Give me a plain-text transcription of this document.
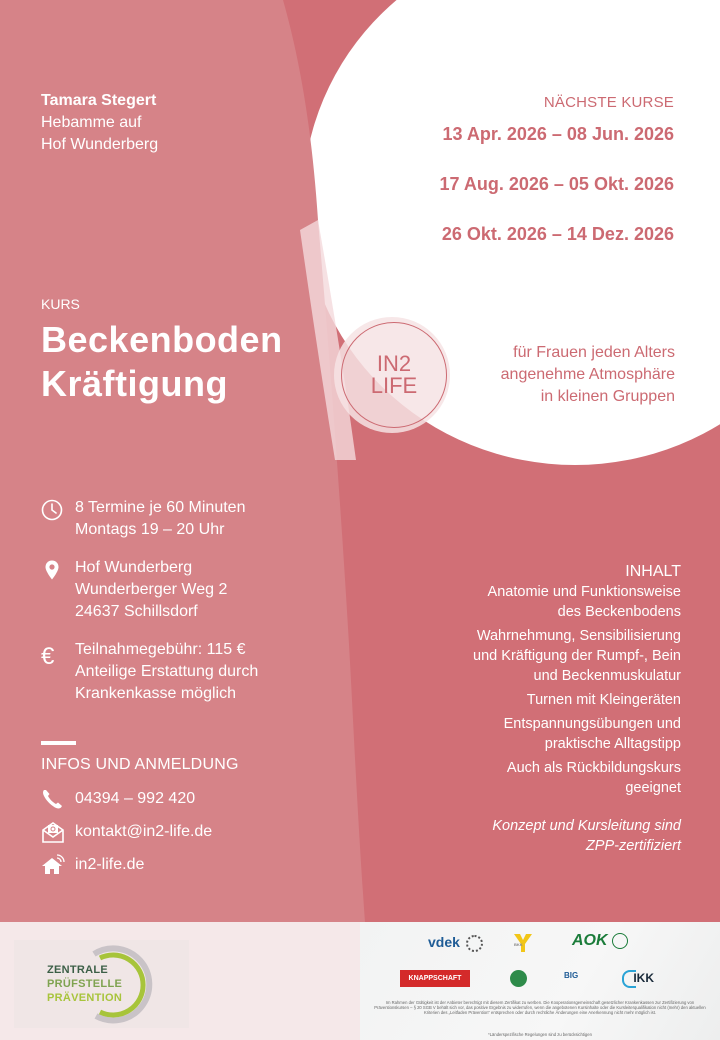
Tamara Stegert
Hebamme auf
Hof Wunderberg
NÄCHSTE KURSE
13 Apr. 2026 – 08 Jun. 2026
17 Aug. 2026 – 05 Okt. 2026
26 Okt. 2026 – 14 Dez. 2026
KURS
Beckenboden
Kräftigung	IN2
LIFE
für Frauen jeden Alters
angenehme Atmosphäre
in kleinen Gruppen
8 Termine je 60 Minuten
Montags 19 – 20 Uhr
Hof Wunderberg
Wunderberger Weg 2
24637 Schillsdorf
€	Teilnahmegebühr: 115 €
Anteilige Erstattung durch
Krankenkasse möglich
INFOS UND ANMELDUNG
04394 – 992 420
kontakt@in2-life.de
in2-life.de
INHALT
Anatomie und Funktionsweise
des Beckenbodens
Wahrnehmung, Sensibilisierung
und Kräftigung der Rumpf-, Bein
und Beckenmuskulatur
Turnen mit Kleingeräten
Entspannungsübungen und
praktische Alltagstipp
Auch als Rückbildungskurs
geeignet
Konzept und Kursleitung sind
ZPP-zertifiziert
ZENTRALE
PRÜFSTELLE
PRÄVENTION
vdek	BKK	AOK
KNAPPSCHAFT	BIG	IKK
Im Rahmen der Gültigkeit ist der Anbieter berechtigt mit diesem Zertifikat zu werben. Die Kooperationsgemeinschaft gesetzlicher Krankenkassen zur Zertifizierung von Präventionskursen – § 20 SGB V behält sich vor, das positive Ergebnis zu widerrufen, wenn die angebotenen Kursinhalte oder die Kursleiterqualifikation nicht (mehr) den aktuellen Kriterien des „Leitfaden Prävention“ entsprechen oder durch rechtliche Änderungen eine Anerkennung nicht mehr möglich ist.
*Länderspezifische Regelungen sind zu berücksichtigen
